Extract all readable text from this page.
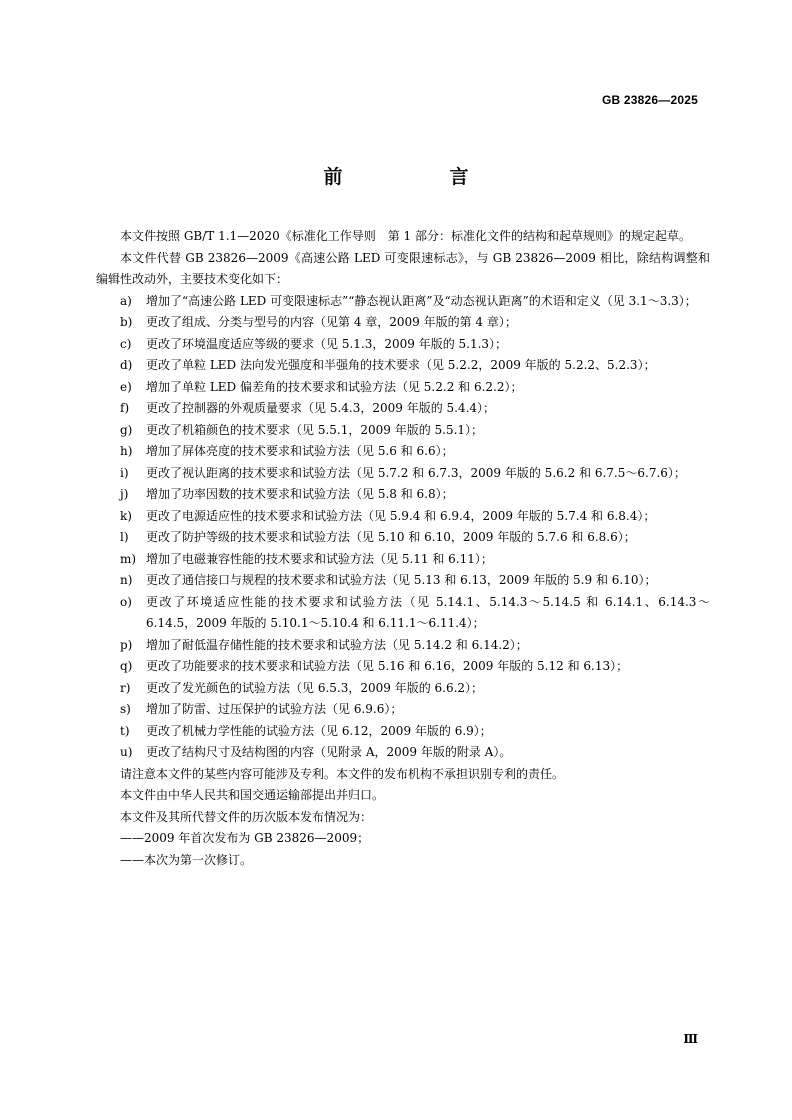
GB 23826—2025
前　言

本文件按照 GB/T 1.1—2020《标准化工作导则　第 1 部分：标准化文件的结构和起草规则》的规定起草。

本文件代替 GB 23826—2009《高速公路 LED 可变限速标志》，与 GB 23826—2009 相比，除结构调整和编辑性改动外，主要技术变化如下：

a)	增加了“高速公路 LED 可变限速标志”“静态视认距离”及“动态视认距离”的术语和定义（见 3.1～3.3）；
b)	更改了组成、分类与型号的内容（见第 4 章，2009 年版的第 4 章）；
c)	更改了环境温度适应等级的要求（见 5.1.3，2009 年版的 5.1.3）；
d)	更改了单粒 LED 法向发光强度和半强角的技术要求（见 5.2.2，2009 年版的 5.2.2、5.2.3）；
e)	增加了单粒 LED 偏差角的技术要求和试验方法（见 5.2.2 和 6.2.2）；
f)	更改了控制器的外观质量要求（见 5.4.3，2009 年版的 5.4.4）；
g)	更改了机箱颜色的技术要求（见 5.5.1，2009 年版的 5.5.1）；
h)	增加了屏体亮度的技术要求和试验方法（见 5.6 和 6.6）；
i)	更改了视认距离的技术要求和试验方法（见 5.7.2 和 6.7.3，2009 年版的 5.6.2 和 6.7.5～6.7.6）；
j)	增加了功率因数的技术要求和试验方法（见 5.8 和 6.8）；
k)	更改了电源适应性的技术要求和试验方法（见 5.9.4 和 6.9.4，2009 年版的 5.7.4 和 6.8.4）；
l)	更改了防护等级的技术要求和试验方法（见 5.10 和 6.10，2009 年版的 5.7.6 和 6.8.6）；
m) 增加了电磁兼容性能的技术要求和试验方法（见 5.11 和 6.11）；
n)	更改了通信接口与规程的技术要求和试验方法（见 5.13 和 6.13，2009 年版的 5.9 和 6.10）；
o)	更改了环境适应性能的技术要求和试验方法（见 5.14.1、5.14.3～5.14.5 和 6.14.1、6.14.3～6.14.5，2009 年版的 5.10.1～5.10.4 和 6.11.1～6.11.4）；
p)	增加了耐低温存储性能的技术要求和试验方法（见 5.14.2 和 6.14.2）；
q)	更改了功能要求的技术要求和试验方法（见 5.16 和 6.16，2009 年版的 5.12 和 6.13）；
r)	更改了发光颜色的试验方法（见 6.5.3，2009 年版的 6.6.2）；
s)	增加了防雷、过压保护的试验方法（见 6.9.6）；
t)	更改了机械力学性能的试验方法（见 6.12，2009 年版的 6.9）；
u)	更改了结构尺寸及结构图的内容（见附录 A，2009 年版的附录 A）。

请注意本文件的某些内容可能涉及专利。本文件的发布机构不承担识别专利的责任。

本文件由中华人民共和国交通运输部提出并归口。

本文件及其所代替文件的历次版本发布情况为：

——2009 年首次发布为 GB 23826—2009；

——本次为第一次修订。

Ⅲ
